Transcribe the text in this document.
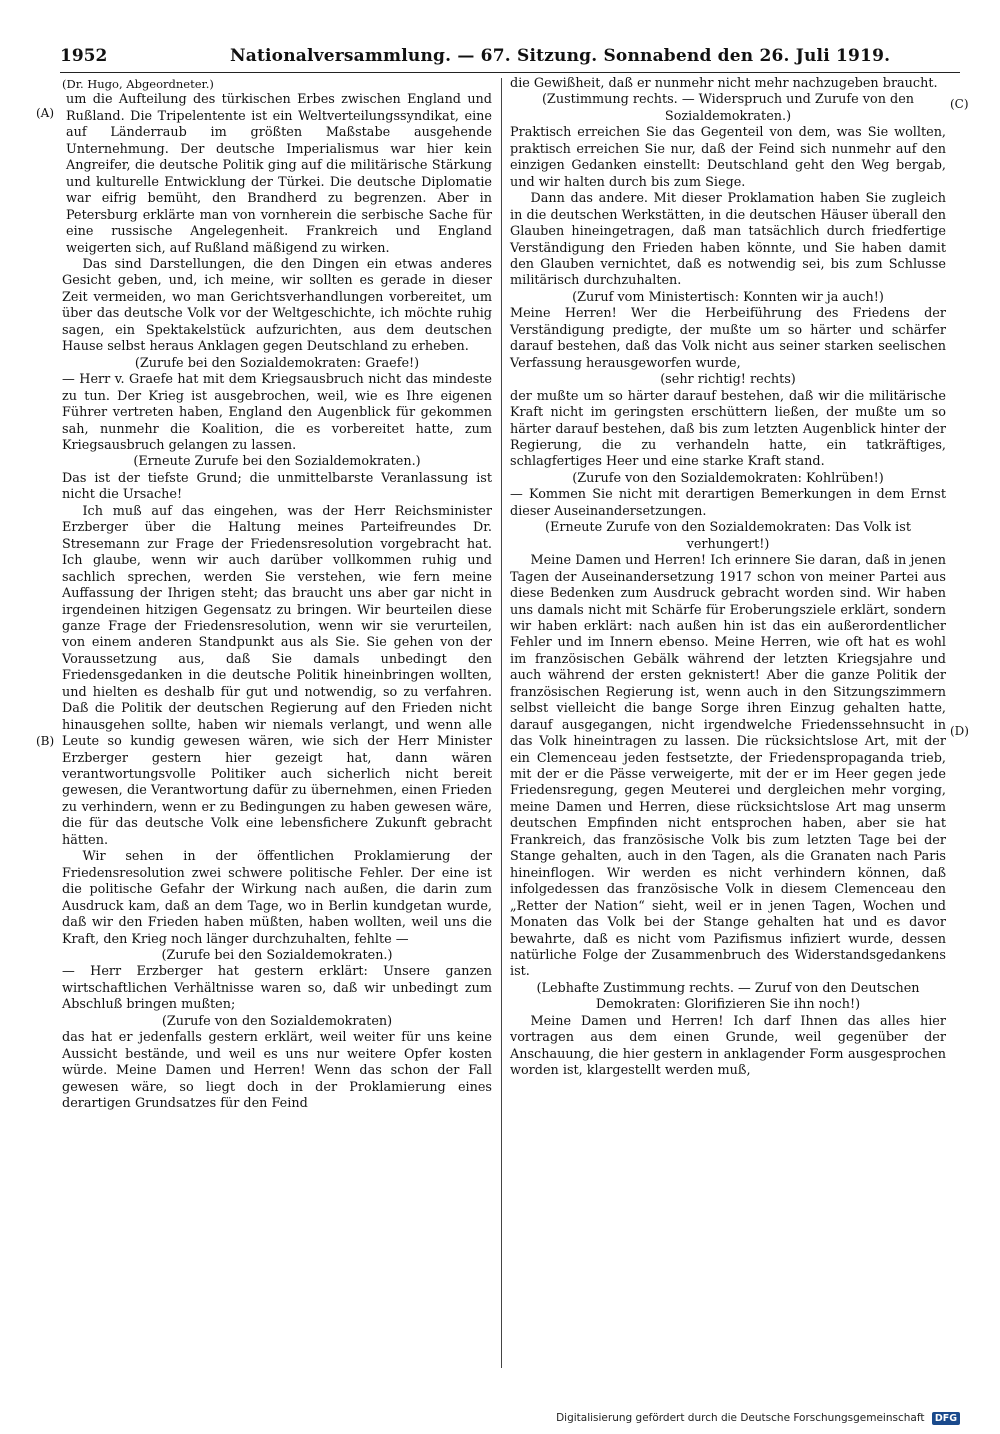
1952	Nationalversammlung. — 67. Sitzung. Sonnabend den 26. Juli 1919.
(A)
(B)
(C)
(D)

(Dr. Hugo, Abgeordneter.)

um die Aufteilung des türkischen Erbes zwischen England und Rußland. Die Tripelentente ist ein Weltverteilungssyndikat, eine auf Länderraub im größten Maßstabe ausgehende Unternehmung. Der deutsche Imperialismus war hier kein Angreifer, die deutsche Politik ging auf die militärische Stärkung und kulturelle Entwicklung der Türkei. Die deutsche Diplomatie war eifrig bemüht, den Brandherd zu begrenzen. Aber in Petersburg erklärte man von vornherein die serbische Sache für eine russische Angelegenheit. Frankreich und England weigerten sich, auf Rußland mäßigend zu wirken.

Das sind Darstellungen, die den Dingen ein etwas anderes Gesicht geben, und, ich meine, wir sollten es gerade in dieser Zeit vermeiden, wo man Gerichtsverhandlungen vorbereitet, um über das deutsche Volk vor der Weltgeschichte, ich möchte ruhig sagen, ein Spektakelstück aufzurichten, aus dem deutschen Hause selbst heraus Anklagen gegen Deutschland zu erheben.

(Zurufe bei den Sozialdemokraten: Graefe!)

— Herr v. Graefe hat mit dem Kriegsausbruch nicht das mindeste zu tun. Der Krieg ist ausgebrochen, weil, wie es Ihre eigenen Führer vertreten haben, England den Augenblick für gekommen sah, nunmehr die Koalition, die es vorbereitet hatte, zum Kriegsausbruch gelangen zu lassen.

(Erneute Zurufe bei den Sozialdemokraten.)

Das ist der tiefste Grund; die unmittelbarste Veranlassung ist nicht die Ursache!

Ich muß auf das eingehen, was der Herr Reichsminister Erzberger über die Haltung meines Parteifreundes Dr. Stresemann zur Frage der Friedensresolution vorgebracht hat. Ich glaube, wenn wir auch darüber vollkommen ruhig und sachlich sprechen, werden Sie verstehen, wie fern meine Auffassung der Ihrigen steht; das braucht uns aber gar nicht in irgendeinen hitzigen Gegensatz zu bringen. Wir beurteilen diese ganze Frage der Friedensresolution, wenn wir sie verurteilen, von einem anderen Standpunkt aus als Sie. Sie gehen von der Voraussetzung aus, daß Sie damals unbedingt den Friedensgedanken in die deutsche Politik hineinbringen wollten, und hielten es deshalb für gut und notwendig, so zu verfahren. Daß die Politik der deutschen Regierung auf den Frieden nicht hinausgehen sollte, haben wir niemals verlangt, und wenn alle Leute so kundig gewesen wären, wie sich der Herr Minister Erzberger gestern hier gezeigt hat, dann wären verantwortungsvolle Politiker auch sicherlich nicht bereit gewesen, die Verantwortung dafür zu übernehmen, einen Frieden zu verhindern, wenn er zu Bedingungen zu haben gewesen wäre, die für das deutsche Volk eine lebensfichere Zukunft gebracht hätten.

Wir sehen in der öffentlichen Proklamierung der Friedensresolution zwei schwere politische Fehler. Der eine ist die politische Gefahr der Wirkung nach außen, die darin zum Ausdruck kam, daß an dem Tage, wo in Berlin kundgetan wurde, daß wir den Frieden haben müßten, haben wollten, weil uns die Kraft, den Krieg noch länger durchzuhalten, fehlte —

(Zurufe bei den Sozialdemokraten.)

— Herr Erzberger hat gestern erklärt: Unsere ganzen wirtschaftlichen Verhältnisse waren so, daß wir unbedingt zum Abschluß bringen mußten;

(Zurufe von den Sozialdemokraten)

das hat er jedenfalls gestern erklärt, weil weiter für uns keine Aussicht bestände, und weil es uns nur weitere Opfer kosten würde. Meine Damen und Herren! Wenn das schon der Fall gewesen wäre, so liegt doch in der Proklamierung eines derartigen Grundsatzes für den Feind

die Gewißheit, daß er nunmehr nicht mehr nachzugeben braucht.

(Zustimmung rechts. — Widerspruch und Zurufe von den Sozialdemokraten.)

Praktisch erreichen Sie das Gegenteil von dem, was Sie wollten, praktisch erreichen Sie nur, daß der Feind sich nunmehr auf den einzigen Gedanken einstellt: Deutschland geht den Weg bergab, und wir halten durch bis zum Siege.

Dann das andere. Mit dieser Proklamation haben Sie zugleich in die deutschen Werkstätten, in die deutschen Häuser überall den Glauben hineingetragen, daß man tatsächlich durch friedfertige Verständigung den Frieden haben könnte, und Sie haben damit den Glauben vernichtet, daß es notwendig sei, bis zum Schlusse militärisch durchzuhalten.

(Zuruf vom Ministertisch: Konnten wir ja auch!)

Meine Herren! Wer die Herbeiführung des Friedens der Verständigung predigte, der mußte um so härter und schärfer darauf bestehen, daß das Volk nicht aus seiner starken seelischen Verfassung herausgeworfen wurde,

(sehr richtig! rechts)

der mußte um so härter darauf bestehen, daß wir die militärische Kraft nicht im geringsten erschüttern ließen, der mußte um so härter darauf bestehen, daß bis zum letzten Augenblick hinter der Regierung, die zu verhandeln hatte, ein tatkräftiges, schlagfertiges Heer und eine starke Kraft stand.

(Zurufe von den Sozialdemokraten: Kohlrüben!)

— Kommen Sie nicht mit derartigen Bemerkungen in dem Ernst dieser Auseinandersetzungen.

(Erneute Zurufe von den Sozialdemokraten: Das Volk ist verhungert!)

Meine Damen und Herren! Ich erinnere Sie daran, daß in jenen Tagen der Auseinandersetzung 1917 schon von meiner Partei aus diese Bedenken zum Ausdruck gebracht worden sind. Wir haben uns damals nicht mit Schärfe für Eroberungsziele erklärt, sondern wir haben erklärt: nach außen hin ist das ein außerordentlicher Fehler und im Innern ebenso. Meine Herren, wie oft hat es wohl im französischen Gebälk während der letzten Kriegsjahre und auch während der ersten geknistert! Aber die ganze Politik der französischen Regierung ist, wenn auch in den Sitzungszimmern selbst vielleicht die bange Sorge ihren Einzug gehalten hatte, darauf ausgegangen, nicht irgendwelche Friedenssehnsucht in das Volk hineintragen zu lassen. Die rücksichtslose Art, mit der ein Clemenceau jeden festsetzte, der Friedenspropaganda trieb, mit der er die Pässe verweigerte, mit der er im Heer gegen jede Friedensregung, gegen Meuterei und dergleichen mehr vorging, meine Damen und Herren, diese rücksichtslose Art mag unserm deutschen Empfinden nicht entsprochen haben, aber sie hat Frankreich, das französische Volk bis zum letzten Tage bei der Stange gehalten, auch in den Tagen, als die Granaten nach Paris hineinflogen. Wir werden es nicht verhindern können, daß infolgedessen das französische Volk in diesem Clemenceau den „Retter der Nation“ sieht, weil er in jenen Tagen, Wochen und Monaten das Volk bei der Stange gehalten hat und es davor bewahrte, daß es nicht vom Pazifismus infiziert wurde, dessen natürliche Folge der Zusammenbruch des Widerstandsgedankens ist.

(Lebhafte Zustimmung rechts. — Zuruf von den Deutschen Demokraten: Glorifizieren Sie ihn noch!)

Meine Damen und Herren! Ich darf Ihnen das alles hier vortragen aus dem einen Grunde, weil gegenüber der Anschauung, die hier gestern in anklagender Form ausgesprochen worden ist, klargestellt werden muß,

Digitalisierung gefördert durch die Deutsche Forschungsgemeinschaft DFG
